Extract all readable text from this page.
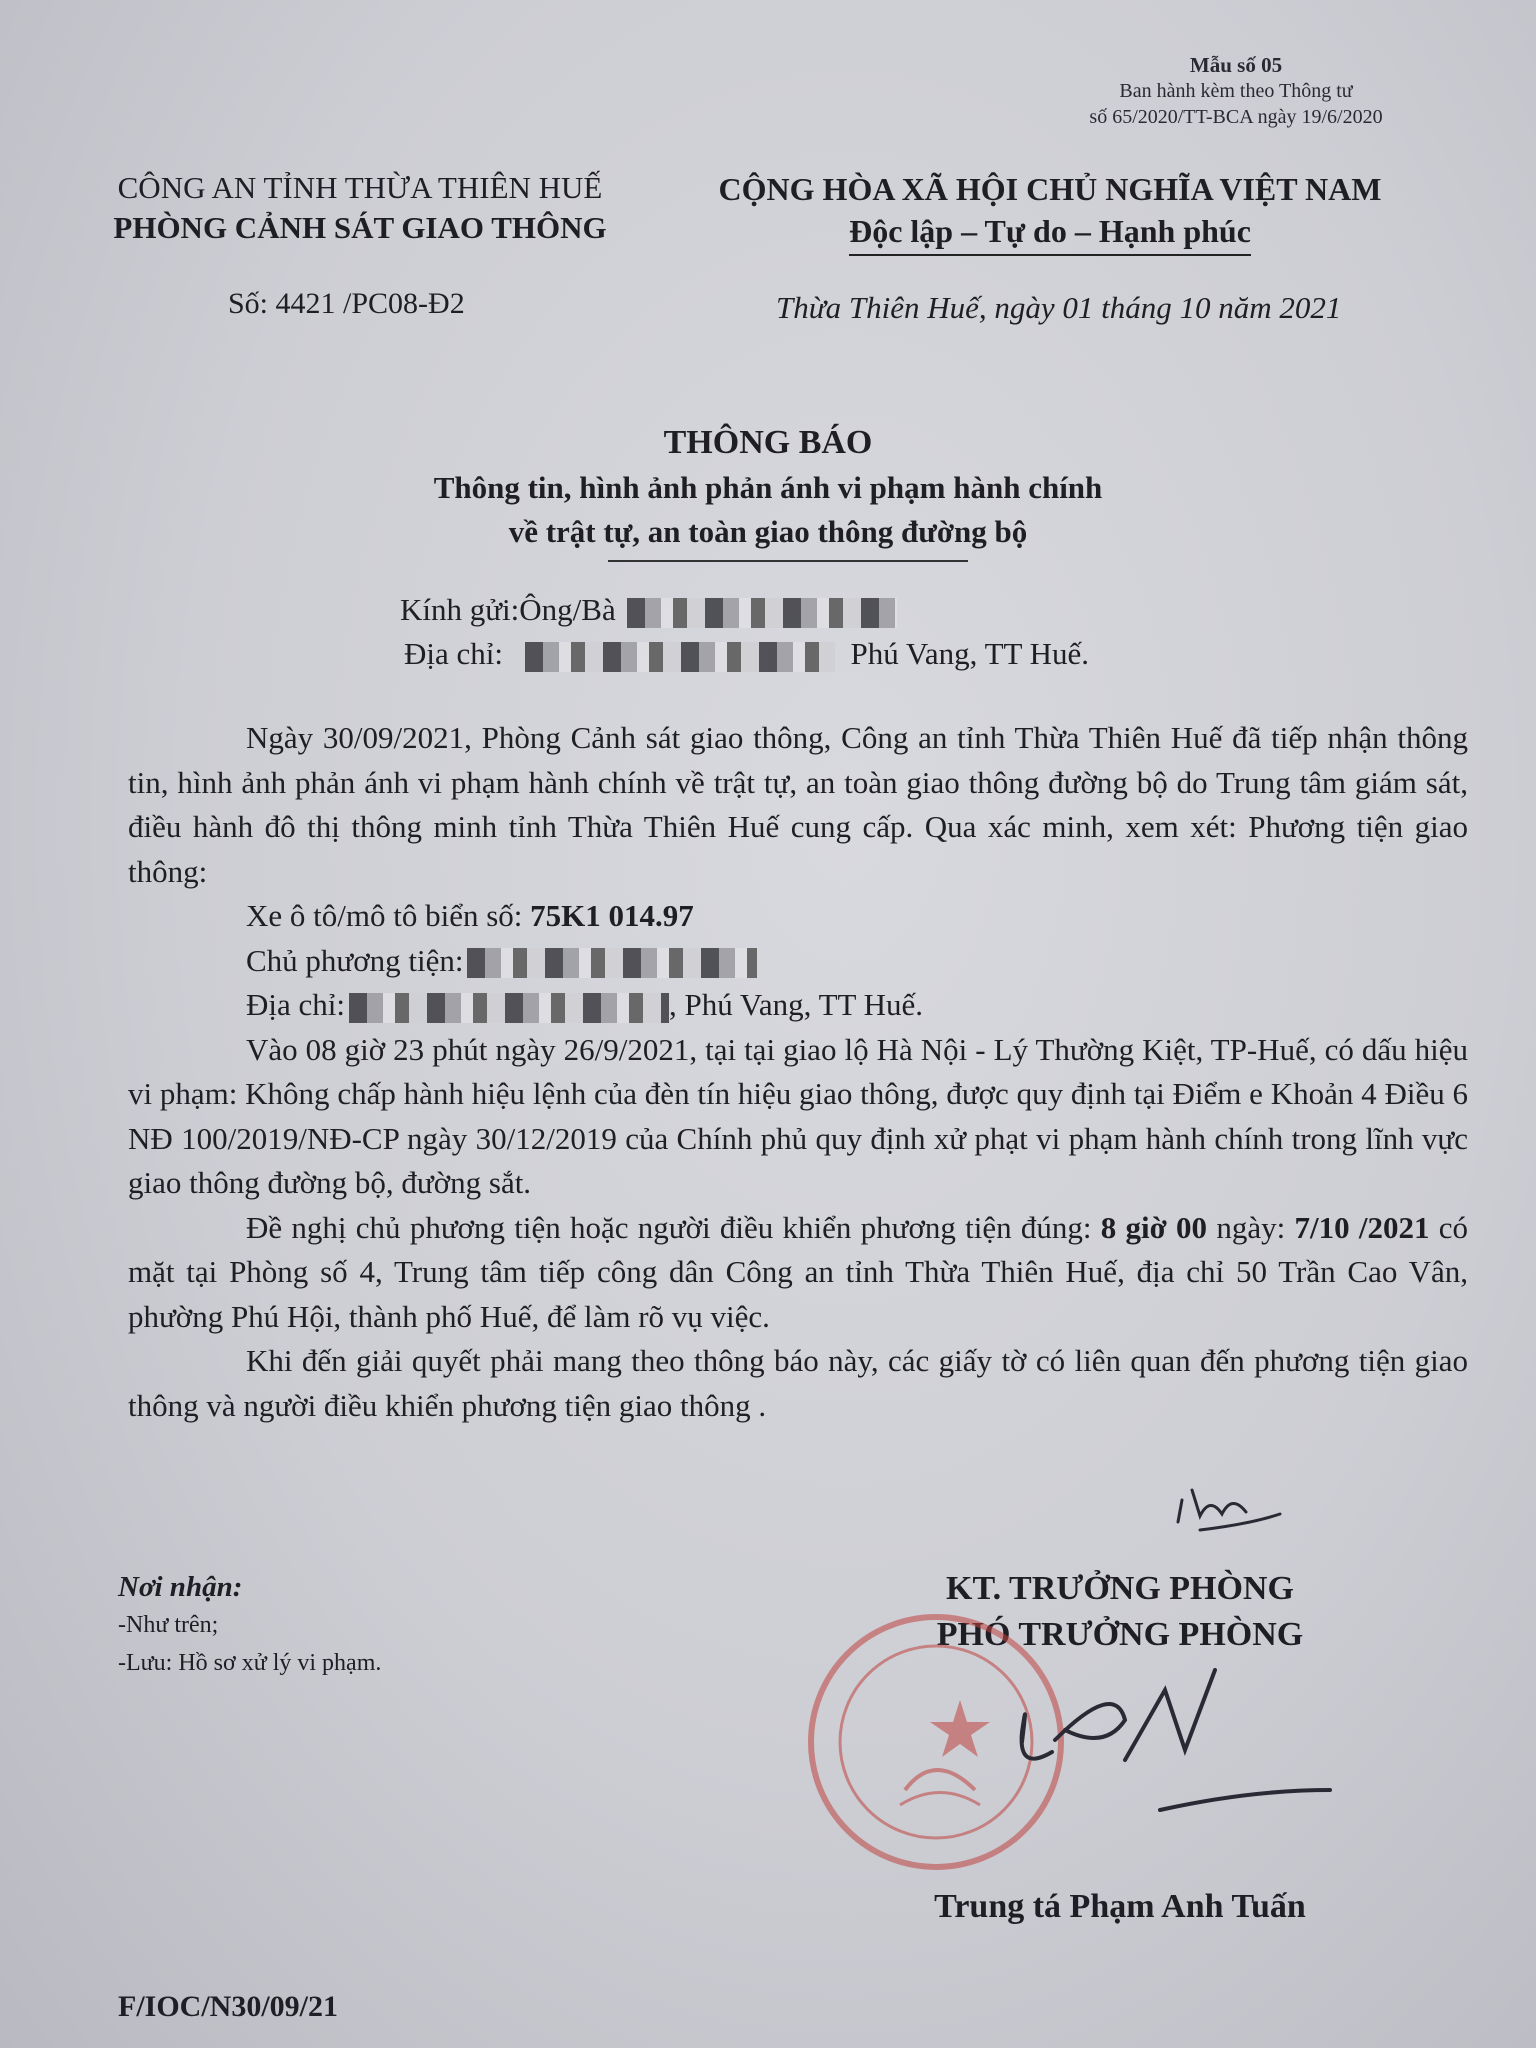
Mẫu số 05
Ban hành kèm theo Thông tư
số 65/2020/TT-BCA ngày 19/6/2020
CÔNG AN TỈNH THỪA THIÊN HUẾ
PHÒNG CẢNH SÁT GIAO THÔNG
CỘNG HÒA XÃ HỘI CHỦ NGHĨA VIỆT NAM
Độc lập – Tự do – Hạnh phúc
Số: 4421 /PC08-Đ2	Thừa Thiên Huế, ngày 01 tháng 10 năm 2021
THÔNG BÁO
Thông tin, hình ảnh phản ánh vi phạm hành chính
về trật tự, an toàn giao thông đường bộ
Kính gửi:Ông/Bà
Địa chỉ:	Phú Vang, TT Huế.

Ngày 30/09/2021, Phòng Cảnh sát giao thông, Công an tỉnh Thừa Thiên Huế đã tiếp nhận thông tin, hình ảnh phản ánh vi phạm hành chính về trật tự, an toàn giao thông đường bộ do Trung tâm giám sát, điều hành đô thị thông minh tỉnh Thừa Thiên Huế cung cấp. Qua xác minh, xem xét: Phương tiện giao thông:

Xe ô tô/mô tô biển số: 75K1 014.97

Chủ phương tiện:

Địa chỉ:	, Phú Vang, TT Huế.

Vào 08 giờ 23 phút ngày 26/9/2021, tại tại giao lộ Hà Nội - Lý Thường Kiệt, TP-Huế, có dấu hiệu vi phạm: Không chấp hành hiệu lệnh của đèn tín hiệu giao thông, được quy định tại Điểm e Khoản 4 Điều 6 NĐ 100/2019/NĐ-CP ngày 30/12/2019 của Chính phủ quy định xử phạt vi phạm hành chính trong lĩnh vực giao thông đường bộ, đường sắt.

Đề nghị chủ phương tiện hoặc người điều khiển phương tiện đúng: 8 giờ 00 ngày: 7/10 /2021 có mặt tại Phòng số 4, Trung tâm tiếp công dân Công an tỉnh Thừa Thiên Huế, địa chỉ 50 Trần Cao Vân, phường Phú Hội, thành phố Huế, để làm rõ vụ việc.

Khi đến giải quyết phải mang theo thông báo này, các giấy tờ có liên quan đến phương tiện giao thông và người điều khiển phương tiện giao thông .

Nơi nhận:
-Như trên;
-Lưu: Hồ sơ xử lý vi phạm.
KT. TRƯỞNG PHÒNG
PHÓ TRƯỞNG PHÒNG
Trung tá Phạm Anh Tuấn
F/IOC/N30/09/21
